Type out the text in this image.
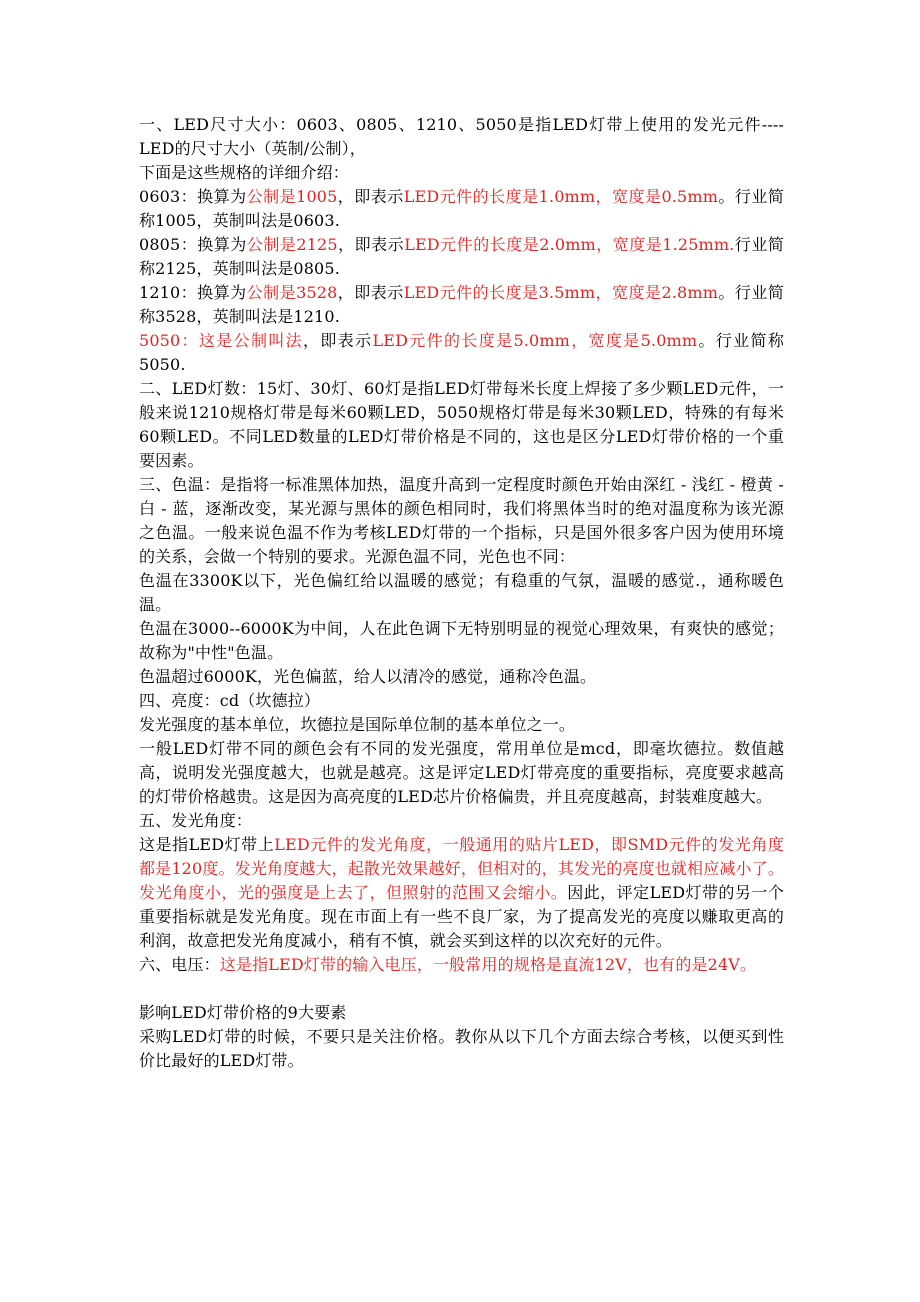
一、LED尺寸大小：0603、0805、1210、5050是指LED灯带上使用的发光元件----LED的尺寸大小（英制/公制），

下面是这些规格的详细介绍：

0603：换算为公制是1005，即表示LED元件的长度是1.0mm，宽度是0.5mm。行业简称1005，英制叫法是0603.

0805：换算为公制是2125，即表示LED元件的长度是2.0mm，宽度是1.25mm.行业简称2125，英制叫法是0805.

1210：换算为公制是3528，即表示LED元件的长度是3.5mm，宽度是2.8mm。行业简称3528，英制叫法是1210.

5050：这是公制叫法，即表示LED元件的长度是5.0mm，宽度是5.0mm。行业简称5050.

二、LED灯数：15灯、30灯、60灯是指LED灯带每米长度上焊接了多少颗LED元件，一般来说1210规格灯带是每米60颗LED，5050规格灯带是每米30颗LED，特殊的有每米60颗LED。不同LED数量的LED灯带价格是不同的，这也是区分LED灯带价格的一个重要因素。

三、色温：是指将一标准黑体加热，温度升高到一定程度时颜色开始由深红 - 浅红 - 橙黄 - 白 - 蓝，逐渐改变，某光源与黑体的颜色相同时，我们将黑体当时的绝对温度称为该光源之色温。一般来说色温不作为考核LED灯带的一个指标，只是国外很多客户因为使用环境的关系，会做一个特别的要求。光源色温不同，光色也不同：

色温在3300K以下，光色偏红给以温暖的感觉；有稳重的气氛，温暖的感觉.，通称暖色温。

色温在3000--6000K为中间，人在此色调下无特别明显的视觉心理效果，有爽快的感觉；故称为"中性"色温。

色温超过6000K，光色偏蓝，给人以清冷的感觉，通称冷色温。

四、亮度：cd（坎德拉）

发光强度的基本单位，坎德拉是国际单位制的基本单位之一。

一般LED灯带不同的颜色会有不同的发光强度，常用单位是mcd，即毫坎德拉。数值越高，说明发光强度越大，也就是越亮。这是评定LED灯带亮度的重要指标，亮度要求越高的灯带价格越贵。这是因为高亮度的LED芯片价格偏贵，并且亮度越高，封装难度越大。

五、发光角度：

这是指LED灯带上LED元件的发光角度，一般通用的贴片LED，即SMD元件的发光角度都是120度。发光角度越大，起散光效果越好，但相对的，其发光的亮度也就相应减小了。发光角度小，光的强度是上去了，但照射的范围又会缩小。因此，评定LED灯带的另一个重要指标就是发光角度。现在市面上有一些不良厂家，为了提高发光的亮度以赚取更高的利润，故意把发光角度减小，稍有不慎，就会买到这样的以次充好的元件。

六、电压：这是指LED灯带的输入电压，一般常用的规格是直流12V，也有的是24V。

影响LED灯带价格的9大要素

采购LED灯带的时候，不要只是关注价格。教你从以下几个方面去综合考核，以便买到性价比最好的LED灯带。
